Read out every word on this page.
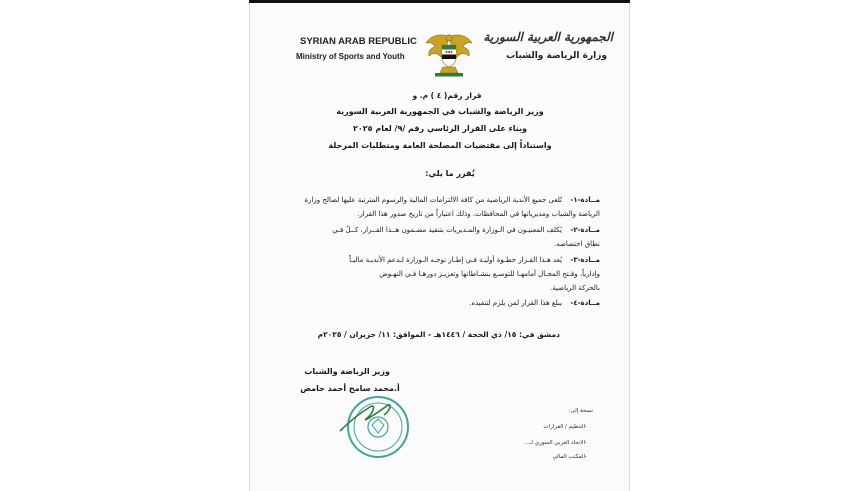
SYRIAN ARAB REPUBLIC
Ministry of Sports and Youth
الجمهورية العربية السورية
وزارة الرياضة والشباب
قرار رقم( ٤ ) م. و
وزير الرياضة والشباب في الجمهورية العربية السورية
وبناء على القرار الرئاسي رقم /٩/ لعام ٢٠٢٥
واستناداً إلى مقتضيات المصلحة العامة ومتطلبات المرحلة
يُقرر ما يلي:
مــادة-١-
تُلغى جميع الأندية الرياضية من كافة الالتزامات المالية والرسوم المترتبة عليها لصالح وزارة
الرياضة والشباب ومديرياتها في المحافظات، وذلك اعتباراً من تاريخ صدور هذا القرار.
مــادة-٢-
يُكلف المعنيـون في الـوزارة والمـديريات بتنفيذ مضـمون هــذا القــرار، كــلٌ فـي
نطاق اختصاصه.
مــادة-٣-
يُعد هـذا القـرار خطـوة أوليـة فـي إطـار توجـه الـوزارة لـدعم الأنديـة ماليـاً
وإدارياً، وفـتح المجـال أمامهـا للتوسـع بنشـاطاتها وتعزيـز دورهـا فـي النهـوض
بالحركة الرياضية.
مــادة-٤-
يبلغ هذا القرار لمن يلزم لتنفيذه.
دمشق في: ١٥/ ذي الحجة / ١٤٤٦هـ - الموافق: ١١/ حزيران / ٢٠٢٥م
وزير الرياضة والشباب
أ.محمد سامح أحمد حامض
نسخة إلى:
-التنظيم / القرارات
-الاتحاد العربي السوري لـ...
-المكتب المالي
